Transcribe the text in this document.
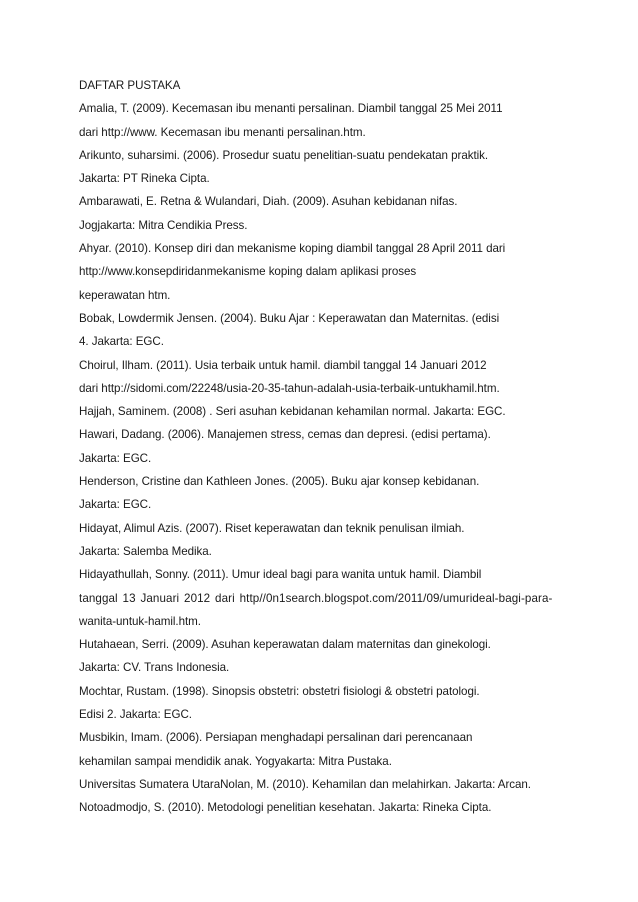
DAFTAR PUSTAKA
Amalia, T. (2009). Kecemasan ibu menanti persalinan. Diambil tanggal 25 Mei 2011
dari http://www. Kecemasan ibu menanti persalinan.htm.
Arikunto, suharsimi. (2006). Prosedur suatu penelitian-suatu pendekatan praktik.
Jakarta: PT Rineka Cipta.
Ambarawati, E. Retna & Wulandari, Diah. (2009). Asuhan kebidanan nifas.
Jogjakarta: Mitra Cendikia Press.
Ahyar. (2010). Konsep diri dan mekanisme koping diambil tanggal 28 April 2011 dari
http://www.konsepdiridanmekanisme koping dalam aplikasi proses
keperawatan htm.
Bobak, Lowdermik Jensen. (2004). Buku Ajar : Keperawatan dan Maternitas. (edisi
4. Jakarta: EGC.
Choirul, Ilham. (2011). Usia terbaik untuk hamil. diambil tanggal 14 Januari 2012
dari http://sidomi.com/22248/usia-20-35-tahun-adalah-usia-terbaik-untukhamil.htm.
Hajjah, Saminem. (2008) . Seri asuhan kebidanan kehamilan normal. Jakarta: EGC.
Hawari, Dadang. (2006). Manajemen stress, cemas dan depresi. (edisi pertama).
Jakarta: EGC.
Henderson, Cristine dan Kathleen Jones. (2005). Buku ajar konsep kebidanan.
Jakarta: EGC.
Hidayat, Alimul Azis. (2007). Riset keperawatan dan teknik penulisan ilmiah.
Jakarta: Salemba Medika.
Hidayathullah, Sonny. (2011). Umur ideal bagi para wanita untuk hamil. Diambil
tanggal 13 Januari 2012 dari http//0n1search.blogspot.com/2011/09/umurideal-bagi-para-
wanita-untuk-hamil.htm.
Hutahaean, Serri. (2009). Asuhan keperawatan dalam maternitas dan ginekologi.
Jakarta: CV. Trans Indonesia.
Mochtar, Rustam. (1998). Sinopsis obstetri: obstetri fisiologi & obstetri patologi.
Edisi 2. Jakarta: EGC.
Musbikin, Imam. (2006). Persiapan menghadapi persalinan dari perencanaan
kehamilan sampai mendidik anak. Yogyakarta: Mitra Pustaka.
Universitas Sumatera UtaraNolan, M. (2010). Kehamilan dan melahirkan. Jakarta: Arcan.
Notoadmodjo, S. (2010). Metodologi penelitian kesehatan. Jakarta: Rineka Cipta.
